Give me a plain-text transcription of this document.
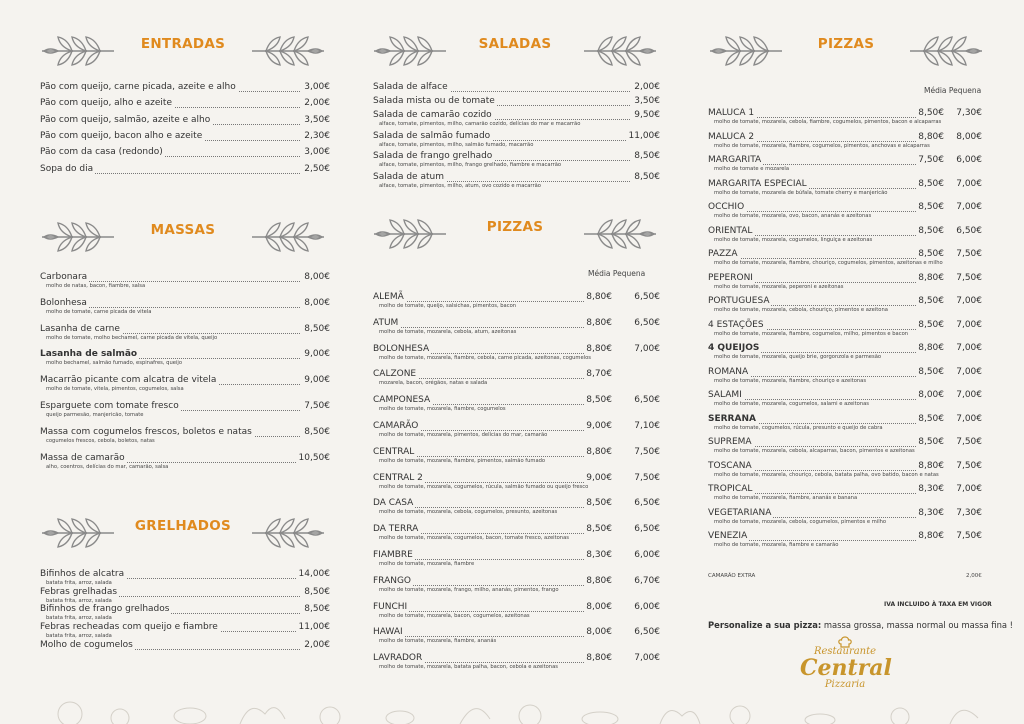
ENTRADAS
MASSAS
GRELHADOS
SALADAS
PIZZAS
PIZZAS
Pão com queijo, carne picada, azeite e alho	3,00€
Pão com queijo, alho e azeite	2,00€
Pão com queijo, salmão, azeite e alho	3,50€
Pão com queijo, bacon alho e azeite	2,30€
Pão com da casa (redondo)	3,00€
Sopa do dia	2,50€
Carbonara	8,00€
molho de natas, bacon, fiambre, salsa
Bolonhesa	8,00€
molho de tomate, carne picada de vitela
Lasanha de carne	8,50€
molho de tomate, molho bechamel, carne picada de vitela, queijo
Lasanha de salmão	9,00€
molho bechamel, salmão fumado, espinafres, queijo
Macarrão picante com alcatra de vitela	9,00€
molho de tomate, vitela, pimentos, cogumelos, salsa
Esparguete com tomate fresco	7,50€
queijo parmesão, manjericão, tomate
Massa com cogumelos frescos, boletos e natas	8,50€
cogumelos frescos, cebola, boletos, natas
Massa de camarão	10,50€
alho, coentros, delícias do mar, camarão, salsa
Bifinhos de alcatra	14,00€
batata frita, arroz, salada
Febras grelhadas	8,50€
batata frita, arroz, salada
Bifinhos de frango grelhados	8,50€
batata frita, arroz, salada
Febras recheadas com queijo e fiambre	11,00€
batata frita, arroz, salada
Molho de cogumelos	2,00€
Salada de alface	2,00€
Salada mista ou de tomate	3,50€
Salada de camarão cozido	9,50€
alface, tomate, pimentos, milho, camarão cozido, delícias do mar e macarrão
Salada de salmão fumado	11,00€
alface, tomate, pimentos, milho, salmão fumado, macarrão
Salada de frango grelhado	8,50€
alface, tomate, pimentos, milho, frango grelhado, fiambre e macarrão
Salada de atum	8,50€
alface, tomate, pimentos, milho, atum, ovo cozido e macarrão
Média Pequena
ALEMÃ	8,80€ 6,50€
molho de tomate, queijo, salsichas, pimentos, bacon
ATUM	8,80€ 6,50€
molho de tomate, mozarela, cebola, atum, azeitonas
BOLONHESA	8,80€ 7,00€
molho de tomate, mozarela, fiambre, cebola, carne picada, azeitonas, cogumelos
CALZONE	8,70€
mozarela, bacon, orégãos, natas e salada
CAMPONESA	8,50€ 6,50€
molho de tomate, mozarela, fiambre, cogumelos
CAMARÃO	9,00€ 7,10€
molho de tomate, mozarela, pimentos, delícias do mar, camarão
CENTRAL	8,80€ 7,50€
molho de tomate, mozarela, fiambre, pimentos, salmão fumado
CENTRAL 2	9,00€ 7,50€
molho de tomate, mozarela, cogumelos, rúcula, salmão fumado ou queijo fresco
DA CASA	8,50€ 6,50€
molho de tomate, mozarela, cebola, cogumelos, presunto, azeitonas
DA TERRA	8,50€ 6,50€
molho de tomate, mozarela, cogumelos, bacon, tomate fresco, azeitonas
FIAMBRE	8,30€ 6,00€
molho de tomate, mozarela, fiambre
FRANGO	8,80€ 6,70€
molho de tomate, mozarela, frango, milho, ananás, pimentos, frango
FUNCHI	8,00€ 6,00€
molho de tomate, mozarela, bacon, cogumelos, azeitonas
HAWAI	8,00€ 6,50€
molho de tomate, mozarela, fiambre, ananás
LAVRADOR	8,80€ 7,00€
molho de tomate, mozarela, batata palha, bacon, cebola e azeitonas
Média Pequena
MALUCA 1	8,50€ 7,30€
molho de tomate, mozarela, cebola, fiambre, cogumelos, pimentos, bacon e alcaparras
MALUCA 2	8,80€ 8,00€
molho de tomate, mozarela, fiambre, cogumelos, pimentos, anchovas e alcaparras
MARGARITA	7,50€ 6,00€
molho de tomate e mozarela
MARGARITA ESPECIAL	8,50€ 7,00€
molho de tomate, mozarela de búfala, tomate cherry e manjericão
OCCHIO	8,50€ 7,00€
molho de tomate, mozarela, ovo, bacon, ananás e azeitonas
ORIENTAL	8,50€ 6,50€
molho de tomate, mozarela, cogumelos, linguiça e azeitonas
PAZZA	8,50€ 7,50€
molho de tomate, mozarela, fiambre, chouriço, cogumelos, pimentos, azeitonas e milho
PEPERONI	8,80€ 7,50€
molho de tomate, mozarela, peperoni e azeitonas
PORTUGUESA	8,50€ 7,00€
molho de tomate, mozarela, cebola, chouriço, pimentos e azeitona
4 ESTAÇÕES	8,50€ 7,00€
molho de tomate, mozarela, fiambre, cogumelos, milho, pimentos e bacon
4 QUEIJOS	8,80€ 7,00€
molho de tomate, mozarela, queijo brie, gorgonzola e parmesão
ROMANA	8,50€ 7,00€
molho de tomate, mozarela, fiambre, chouriço e azeitonas
SALAMI	8,00€ 7,00€
molho de tomate, mozarela, cogumelos, salami e azeitonas
SERRANA	8,50€ 7,00€
molho de tomate, cogumelos, rúcula, presunto e queijo de cabra
SUPREMA	8,50€ 7,50€
molho de tomate, mozarela, cebola, alcaparras, bacon, pimentos e azeitonas
TOSCANA	8,80€ 7,50€
molho de tomate, mozarela, chouriço, cebola, batata palha, ovo batido, bacon e natas
TROPICAL	8,30€ 7,00€
molho de tomate, mozarela, fiambre, ananás e banana
VEGETARIANA	8,30€ 7,30€
molho de tomate, mozarela, cebola, cogumelos, pimentos e milho
VENEZIA	8,80€ 7,50€
molho de tomate, mozarela, fiambre e camarão
CAMARÃO EXTRA	2,00€
IVA INCLUIDO À TAXA EM VIGOR
Personalize a sua pizza: massa grossa, massa normal ou massa fina !
Restaurante
Central
Pizzaria
